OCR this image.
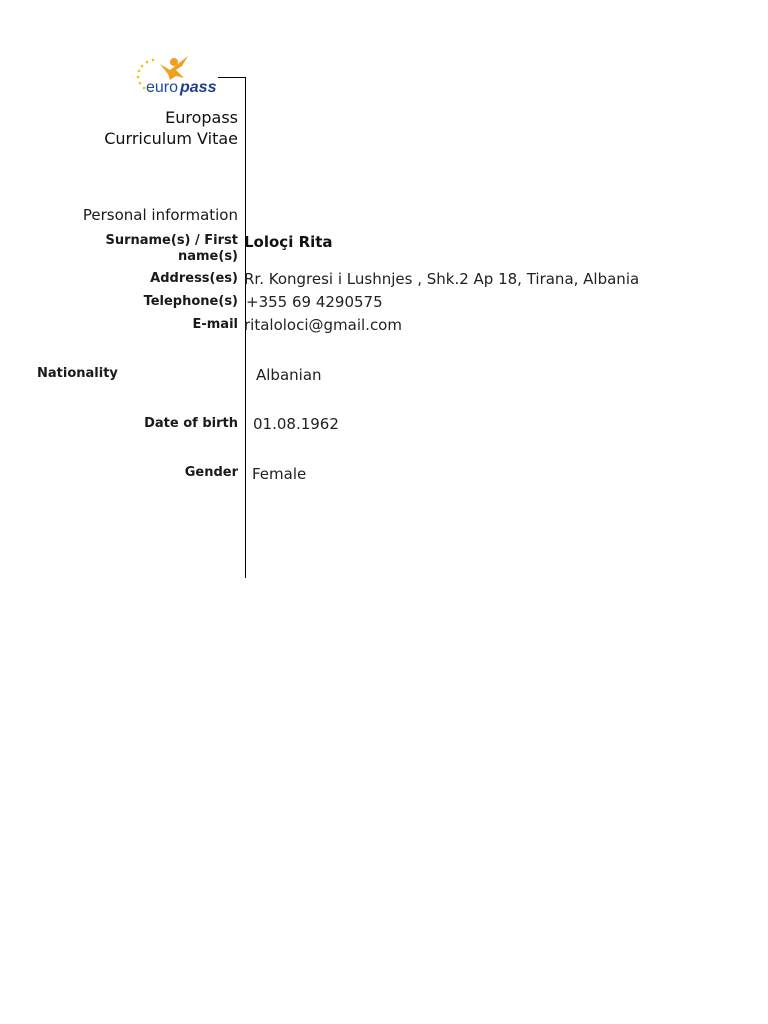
euro pass
Europass
Curriculum Vitae
Personal information
Surname(s) / First
name(s)
Loloçi Rita
Address(es) Rr. Kongresi i Lushnjes , Shk.2 Ap 18, Tirana, Albania
Telephone(s) +355 69 4290575
E-mail ritaloloci@gmail.com
Nationality	Albanian
Date of birth 01.08.1962
Gender Female
